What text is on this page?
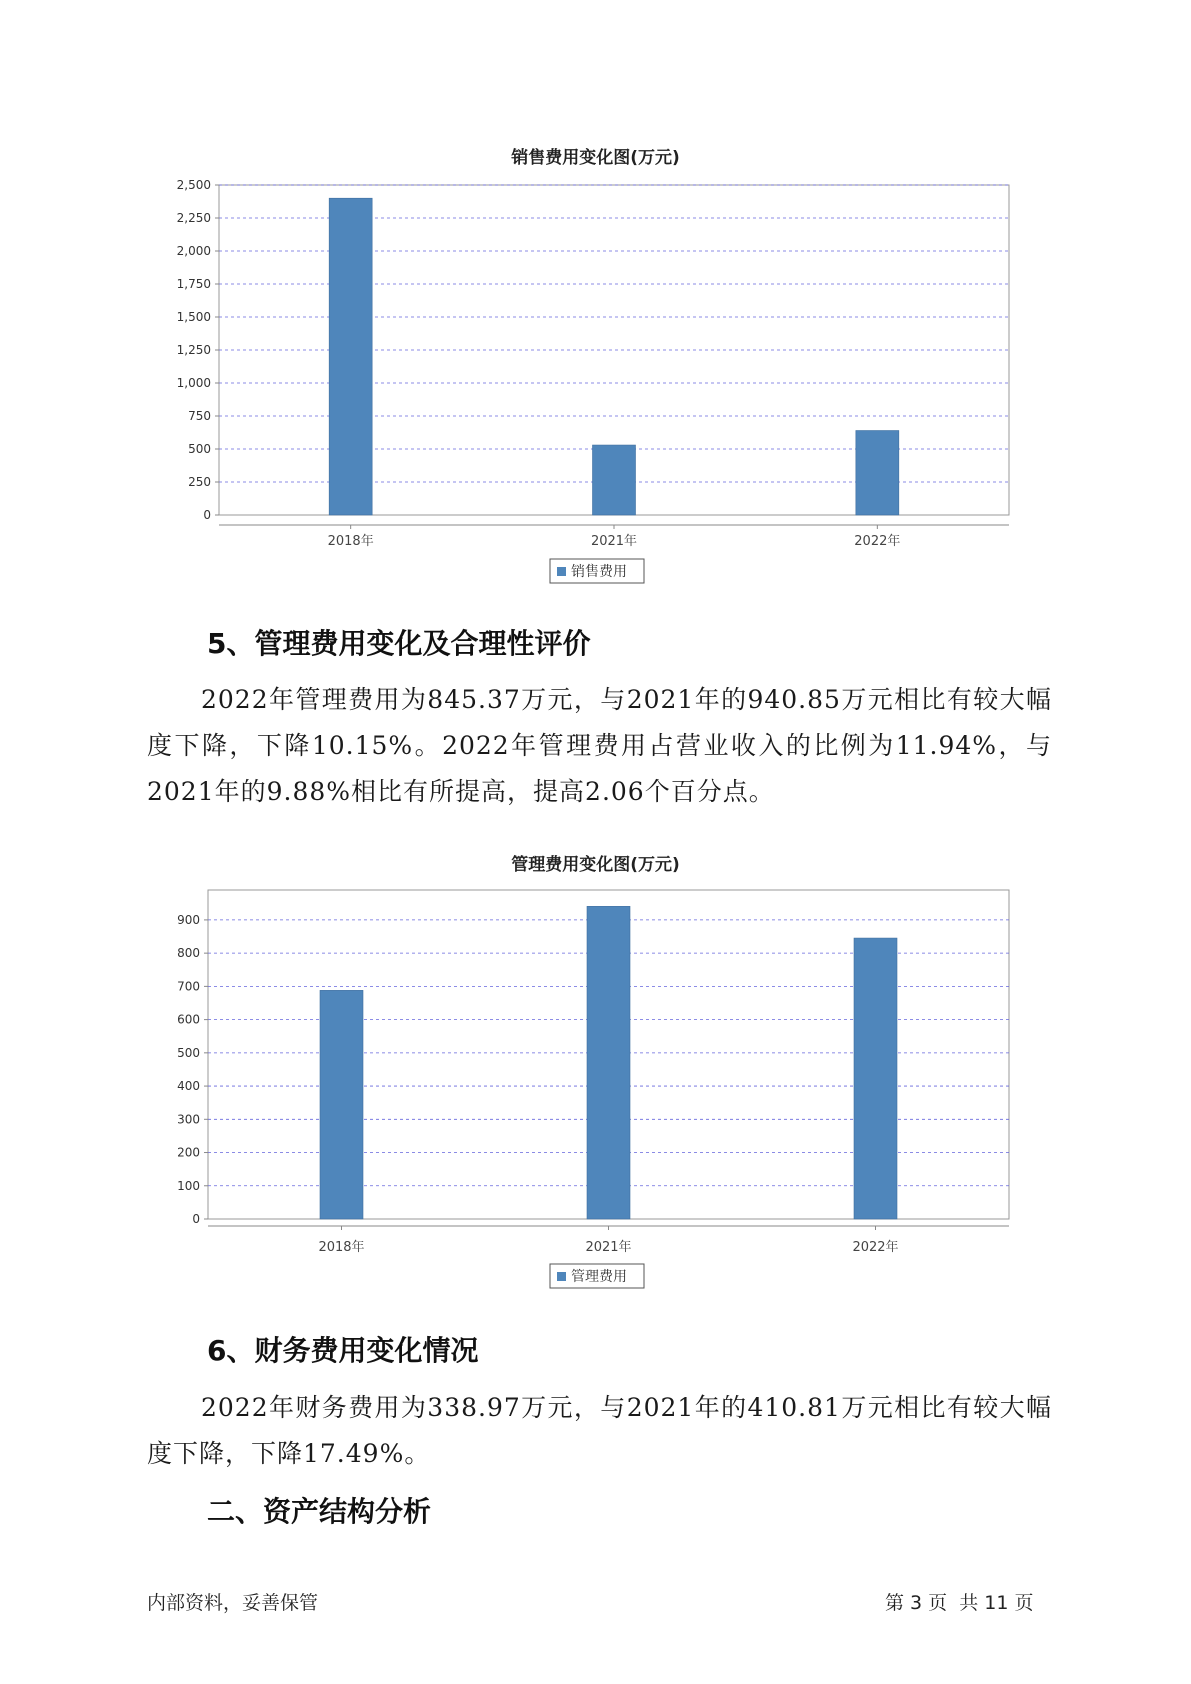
销售费用变化图(万元)
0
250
500
750
1,000
1,250
1,500
1,750
2,000
2,250
2,500
2018年	2021年	2022年
销售费用
5、管理费用变化及合理性评价

2022年管理费用为845.37万元，与2021年的940.85万元相比有较大幅度下降，下降10.15%。2022年管理费用占营业收入的比例为11.94%，与2021年的9.88%相比有所提高，提高2.06个百分点。

管理费用变化图(万元)
0
100
200
300
400
500
600
700
800
900
2018年	2021年	2022年
管理费用
6、财务费用变化情况

2022年财务费用为338.97万元，与2021年的410.81万元相比有较大幅度下降，下降17.49%。

二、资产结构分析
内部资料，妥善保管	第 3 页  共 11 页
